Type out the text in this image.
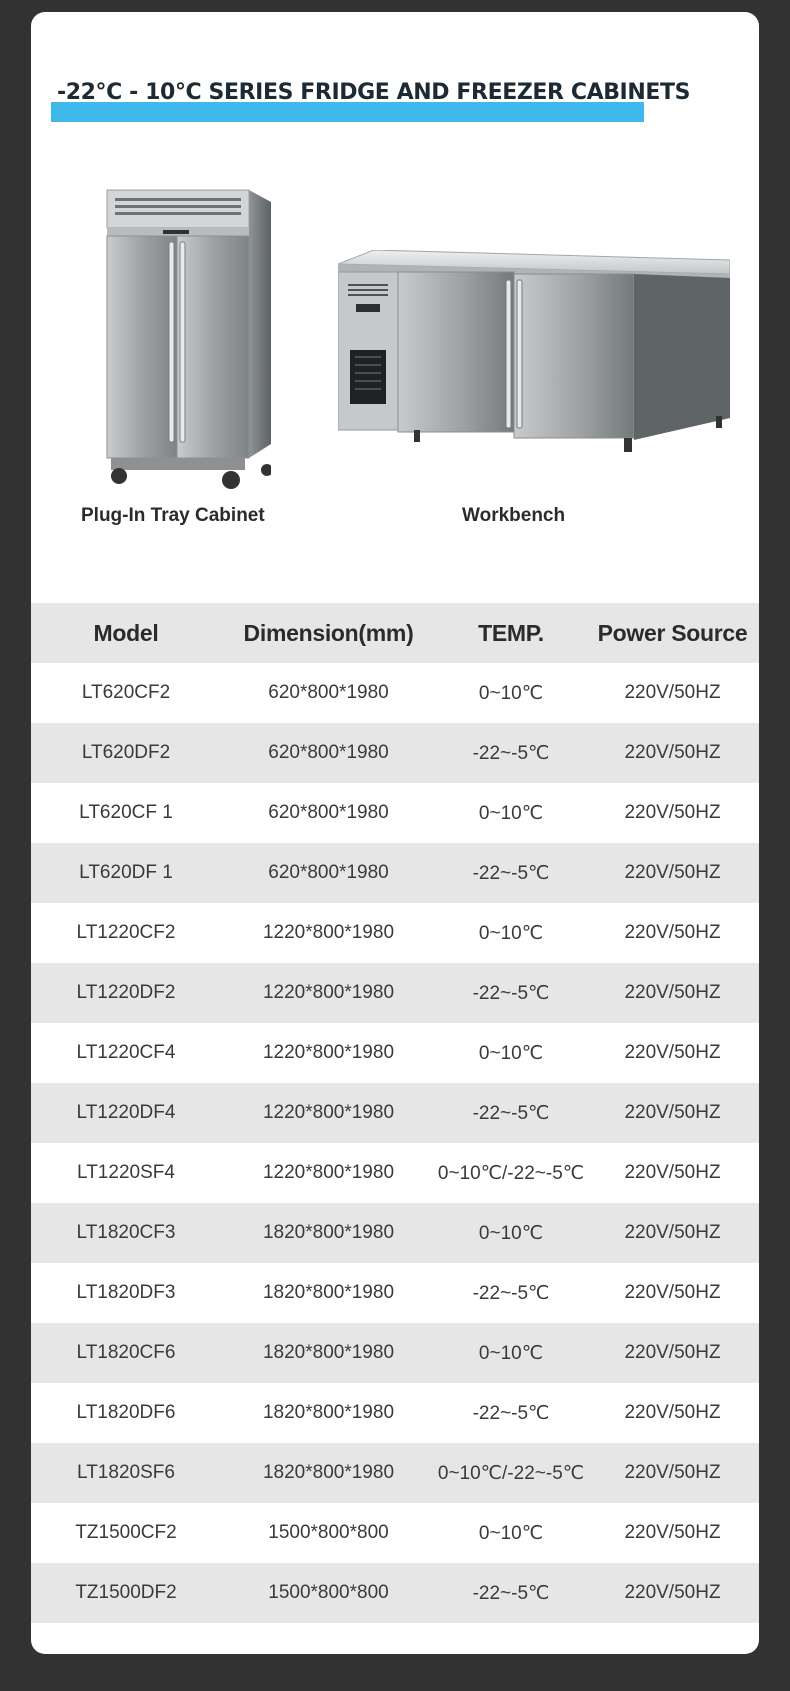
-22°C - 10°C SERIES FRIDGE AND FREEZER CABINETS
Plug-In Tray Cabinet	Workbench
Model	Dimension(mm)	TEMP.	Power Source
LT620CF2	620*800*1980	0~10℃	220V/50HZ
LT620DF2	620*800*1980	-22~-5℃	220V/50HZ
LT620CF 1	620*800*1980	0~10℃	220V/50HZ
LT620DF 1	620*800*1980	-22~-5℃	220V/50HZ
LT1220CF2	1220*800*1980	0~10℃	220V/50HZ
LT1220DF2	1220*800*1980	-22~-5℃	220V/50HZ
LT1220CF4	1220*800*1980	0~10℃	220V/50HZ
LT1220DF4	1220*800*1980	-22~-5℃	220V/50HZ
LT1220SF4	1220*800*1980	0~10℃/-22~-5℃	220V/50HZ
LT1820CF3	1820*800*1980	0~10℃	220V/50HZ
LT1820DF3	1820*800*1980	-22~-5℃	220V/50HZ
LT1820CF6	1820*800*1980	0~10℃	220V/50HZ
LT1820DF6	1820*800*1980	-22~-5℃	220V/50HZ
LT1820SF6	1820*800*1980	0~10℃/-22~-5℃	220V/50HZ
TZ1500CF2	1500*800*800	0~10℃	220V/50HZ
TZ1500DF2	1500*800*800	-22~-5℃	220V/50HZ
